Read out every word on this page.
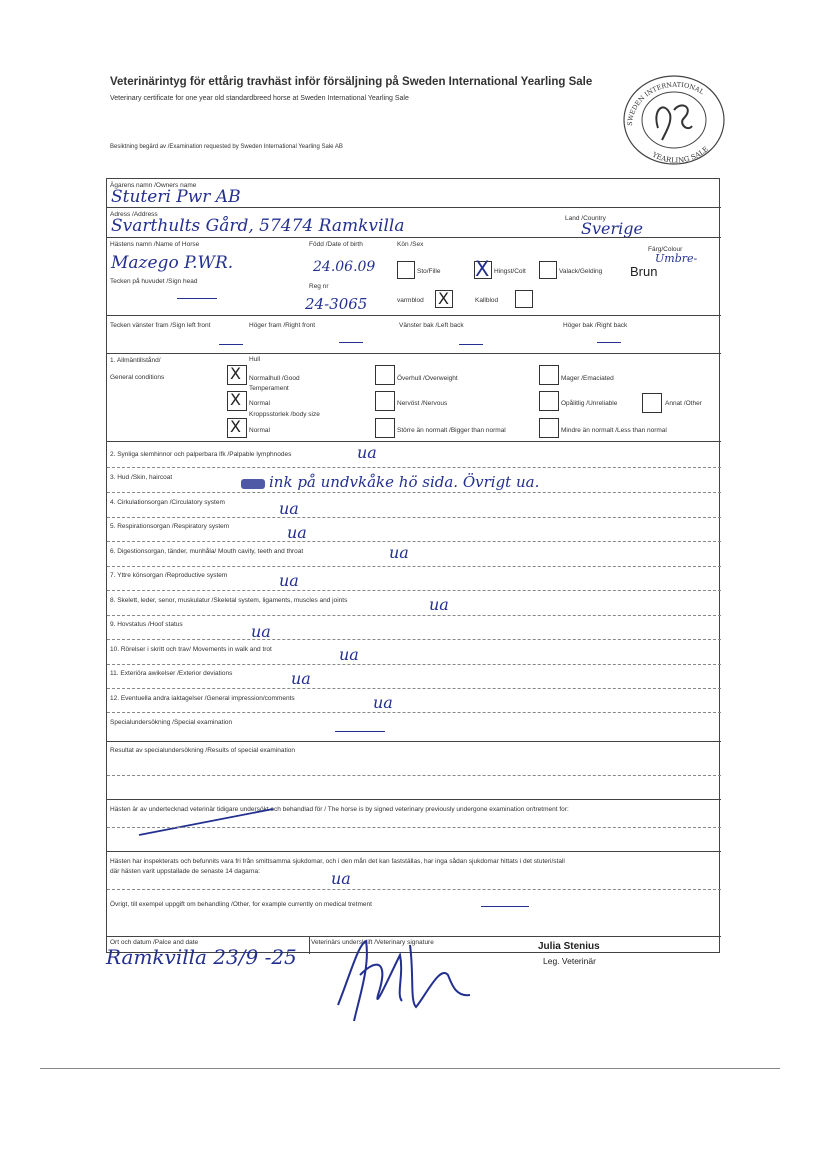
Veterinärintyg för ettårig travhäst inför försäljning på Sweden International Yearling Sale
Veterinary certificate for one year old standardbreed horse at Sweden International Yearling Sale
Besiktning begärd av /Examination requested by Sweden International Yearling Sale AB
SWEDEN INTERNATIONAL
YEARLING SALE
Ägarens namn /Owners name
Stuteri Pwr AB
Adress /Address
Svarthults Gård, 57474 Ramkvilla	Land /Country
Sverige
Hästens namn /Name of Horse
Mazego P.WR.
Född /Date of birth
24.06.09
Kön /Sex
Sto/Fille X Hingst/Colt	Valack/Gelding
Färg/Colour
Umbre-
Brun
Tecken på huvudet /Sign head
Reg nr
24-3065	varmblod X	Kallblod
Tecken vänster fram /Sign left front	Höger fram /Right front	Vänster bak /Left back	Höger bak /Right back
1. Allmäntillstånd/
General conditions
Hull
X Normalhull /Good	Överhull /Overweight	Mager /Emaciated
Temperament
X Normal	Nervöst /Nervous	Opålitlig /Unreliable	Annat /Other
Kroppsstorlek /body size
X Normal	Större än normalt /Bigger than normal	Mindre än normalt /Less than normal
2. Synliga slemhinnor och palperbara lfk /Palpable lymphnodes	ua
3. Hud /Skin, haircoat	ink på undvkåke hö sida. Övrigt ua.
4. Cirkulationsorgan /Circulatory system	ua
5. Respirationsorgan /Respiratory system	ua
6. Digestionsorgan, tänder, munhåla/ Mouth cavity, teeth and throat	ua
7. Yttre könsorgan /Reproductive system	ua
8. Skelett, leder, senor, muskulatur /Skeletal system, ligaments, muscles and joints	ua
9. Hovstatus /Hoof status	ua
10. Rörelser i skritt och trav/ Movements in walk and trot	ua
11. Exteriöra awikelser /Exterior deviations	ua
12. Eventuella andra iaktagelser /General impression/comments	ua
Specialundersökning /Special examination
Resultat av specialundersökning /Results of special examination
Hästen är av undertecknad veterinär tidigare undersökt och behandlad för / The horse is by signed veterinary previously undergone examination or/tretment for:
Hästen har inspekterats och befunnits vara fri från smittsamma sjukdomar, och i den mån det kan fastställas, har inga sådan sjukdomar hittats i det stuteri/stall
där hästen varit uppstallade de senaste 14 dagarna:	ua
Övrigt, till exempel uppgift om behandling /Other, for example currently on medical tretment
Ort och datum /Palce and date	Veterinärs underskrift /Veterinary signature
Ramkvilla 23/9 -25	Julia Stenius
Leg. Veterinär
